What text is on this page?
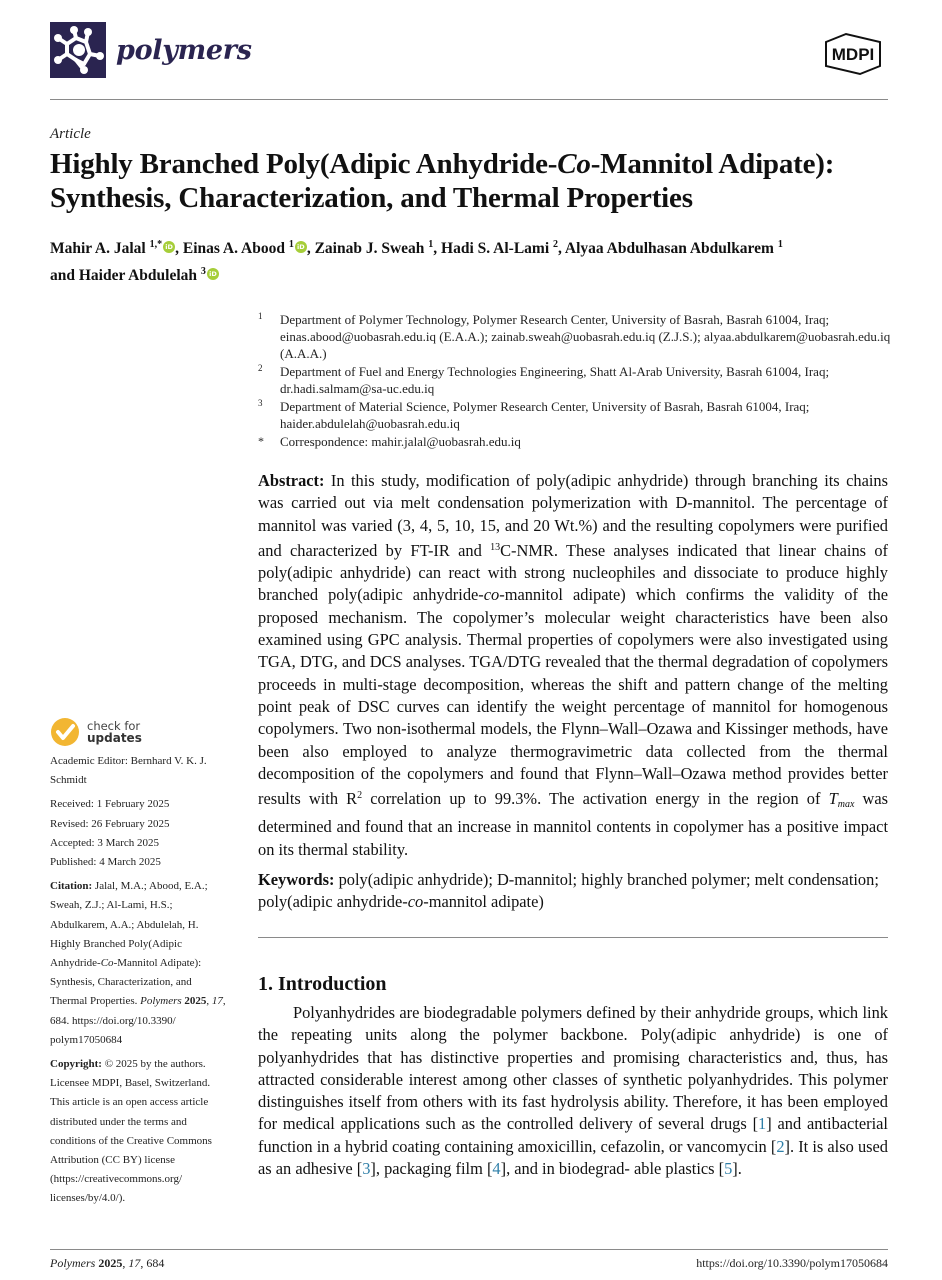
polymers	MDPI
Article
Highly Branched Poly(Adipic Anhydride-Co-Mannitol Adipate):
Synthesis, Characterization, and Thermal Properties
Mahir A. Jalal $^{1,*}$ iD , Einas A. Abood $^1$ iD , Zainab J. Sweah $^1$, Hadi S. Al-Lami $^2$, Alyaa Abdulhasan Abdulkarem $^1$
and Haider Abdulelah $^3$ iD
1 Department of Polymer Technology, Polymer Research Center, University of Basrah, Basrah 61004, Iraq; einas.abood@uobasrah.edu.iq (E.A.A.); zainab.sweah@uobasrah.edu.iq (Z.J.S.); alyaa.abdulkarem@uobasrah.edu.iq (A.A.A.)
2 Department of Fuel and Energy Technologies Engineering, Shatt Al-Arab University, Basrah 61004, Iraq; dr.hadi.salmam@sa-uc.edu.iq
3 Department of Material Science, Polymer Research Center, University of Basrah, Basrah 61004, Iraq; haider.abdulelah@uobasrah.edu.iq
* Correspondence: mahir.jalal@uobasrah.edu.iq
Abstract: In this study, modification of poly(adipic anhydride) through branching its chains was carried out via melt condensation polymerization with D-mannitol. The percentage of mannitol was varied (3, 4, 5, 10, 15, and 20 Wt.%) and the resulting copolymers were purified and characterized by FT-IR and $^{13}$C-NMR. These analyses indicated that linear chains of poly(adipic anhydride) can react with strong nucleophiles and dissociate to produce highly branched poly(adipic anhydride-co-mannitol adipate) which confirms the validity of the proposed mechanism. The copolymer’s molecular weight characteristics have been also examined using GPC analysis. Thermal properties of copolymers were also investigated using TGA, DTG, and DCS analyses. TGA/DTG revealed that the thermal degradation of copolymers proceeds in multi-stage decomposition, whereas the shift and pattern change of the melting point peak of DSC curves can identify the weight percentage of mannitol for homogenous copolymers. Two non-isothermal models, the Flynn–Wall–Ozawa and Kissinger methods, have been also employed to analyze thermogravimetric data collected from the thermal decomposition of the copolymers and found that Flynn–Wall–Ozawa method provides better results with $R^2$ correlation up to 99.3%. The activation energy in the region of $T_{max}$ was determined and found that an increase in mannitol contents in copolymer has a positive impact on its thermal stability.
Keywords: poly(adipic anhydride); D-mannitol; highly branched polymer; melt condensation; poly(adipic anhydride-co-mannitol adipate)
1. Introduction
Polyanhydrides are biodegradable polymers defined by their anhydride groups, which link the repeating units along the polymer backbone. Poly(adipic anhydride) is one of polyanhydrides that has distinctive properties and promising characteristics and, thus, has attracted considerable interest among other classes of synthetic polyanhydrides. This polymer distinguishes itself from others with its fast hydrolysis ability. Therefore, it has been employed for medical applications such as the controlled delivery of several drugs [1] and antibacterial function in a hybrid coating containing amoxicillin, cefazolin, or vancomycin [2]. It is also used as an adhesive [3], packaging film [4], and in biodegrad- able plastics [5].
check for
updates
Academic Editor: Bernhard V. K. J. Schmidt
Received: 1 February 2025
Revised: 26 February 2025
Accepted: 3 March 2025
Published: 4 March 2025
Citation: Jalal, M.A.; Abood, E.A.; Sweah, Z.J.; Al-Lami, H.S.; Abdulkarem, A.A.; Abdulelah, H. Highly Branched Poly(Adipic Anhydride-Co-Mannitol Adipate): Synthesis, Characterization, and Thermal Properties. Polymers 2025, 17, 684. https://doi.org/10.3390/ polym17050684
Copyright: © 2025 by the authors. Licensee MDPI, Basel, Switzerland. This article is an open access article distributed under the terms and conditions of the Creative Commons Attribution (CC BY) license (https://creativecommons.org/ licenses/by/4.0/).
Polymers 2025, 17, 684	https://doi.org/10.3390/polym17050684
